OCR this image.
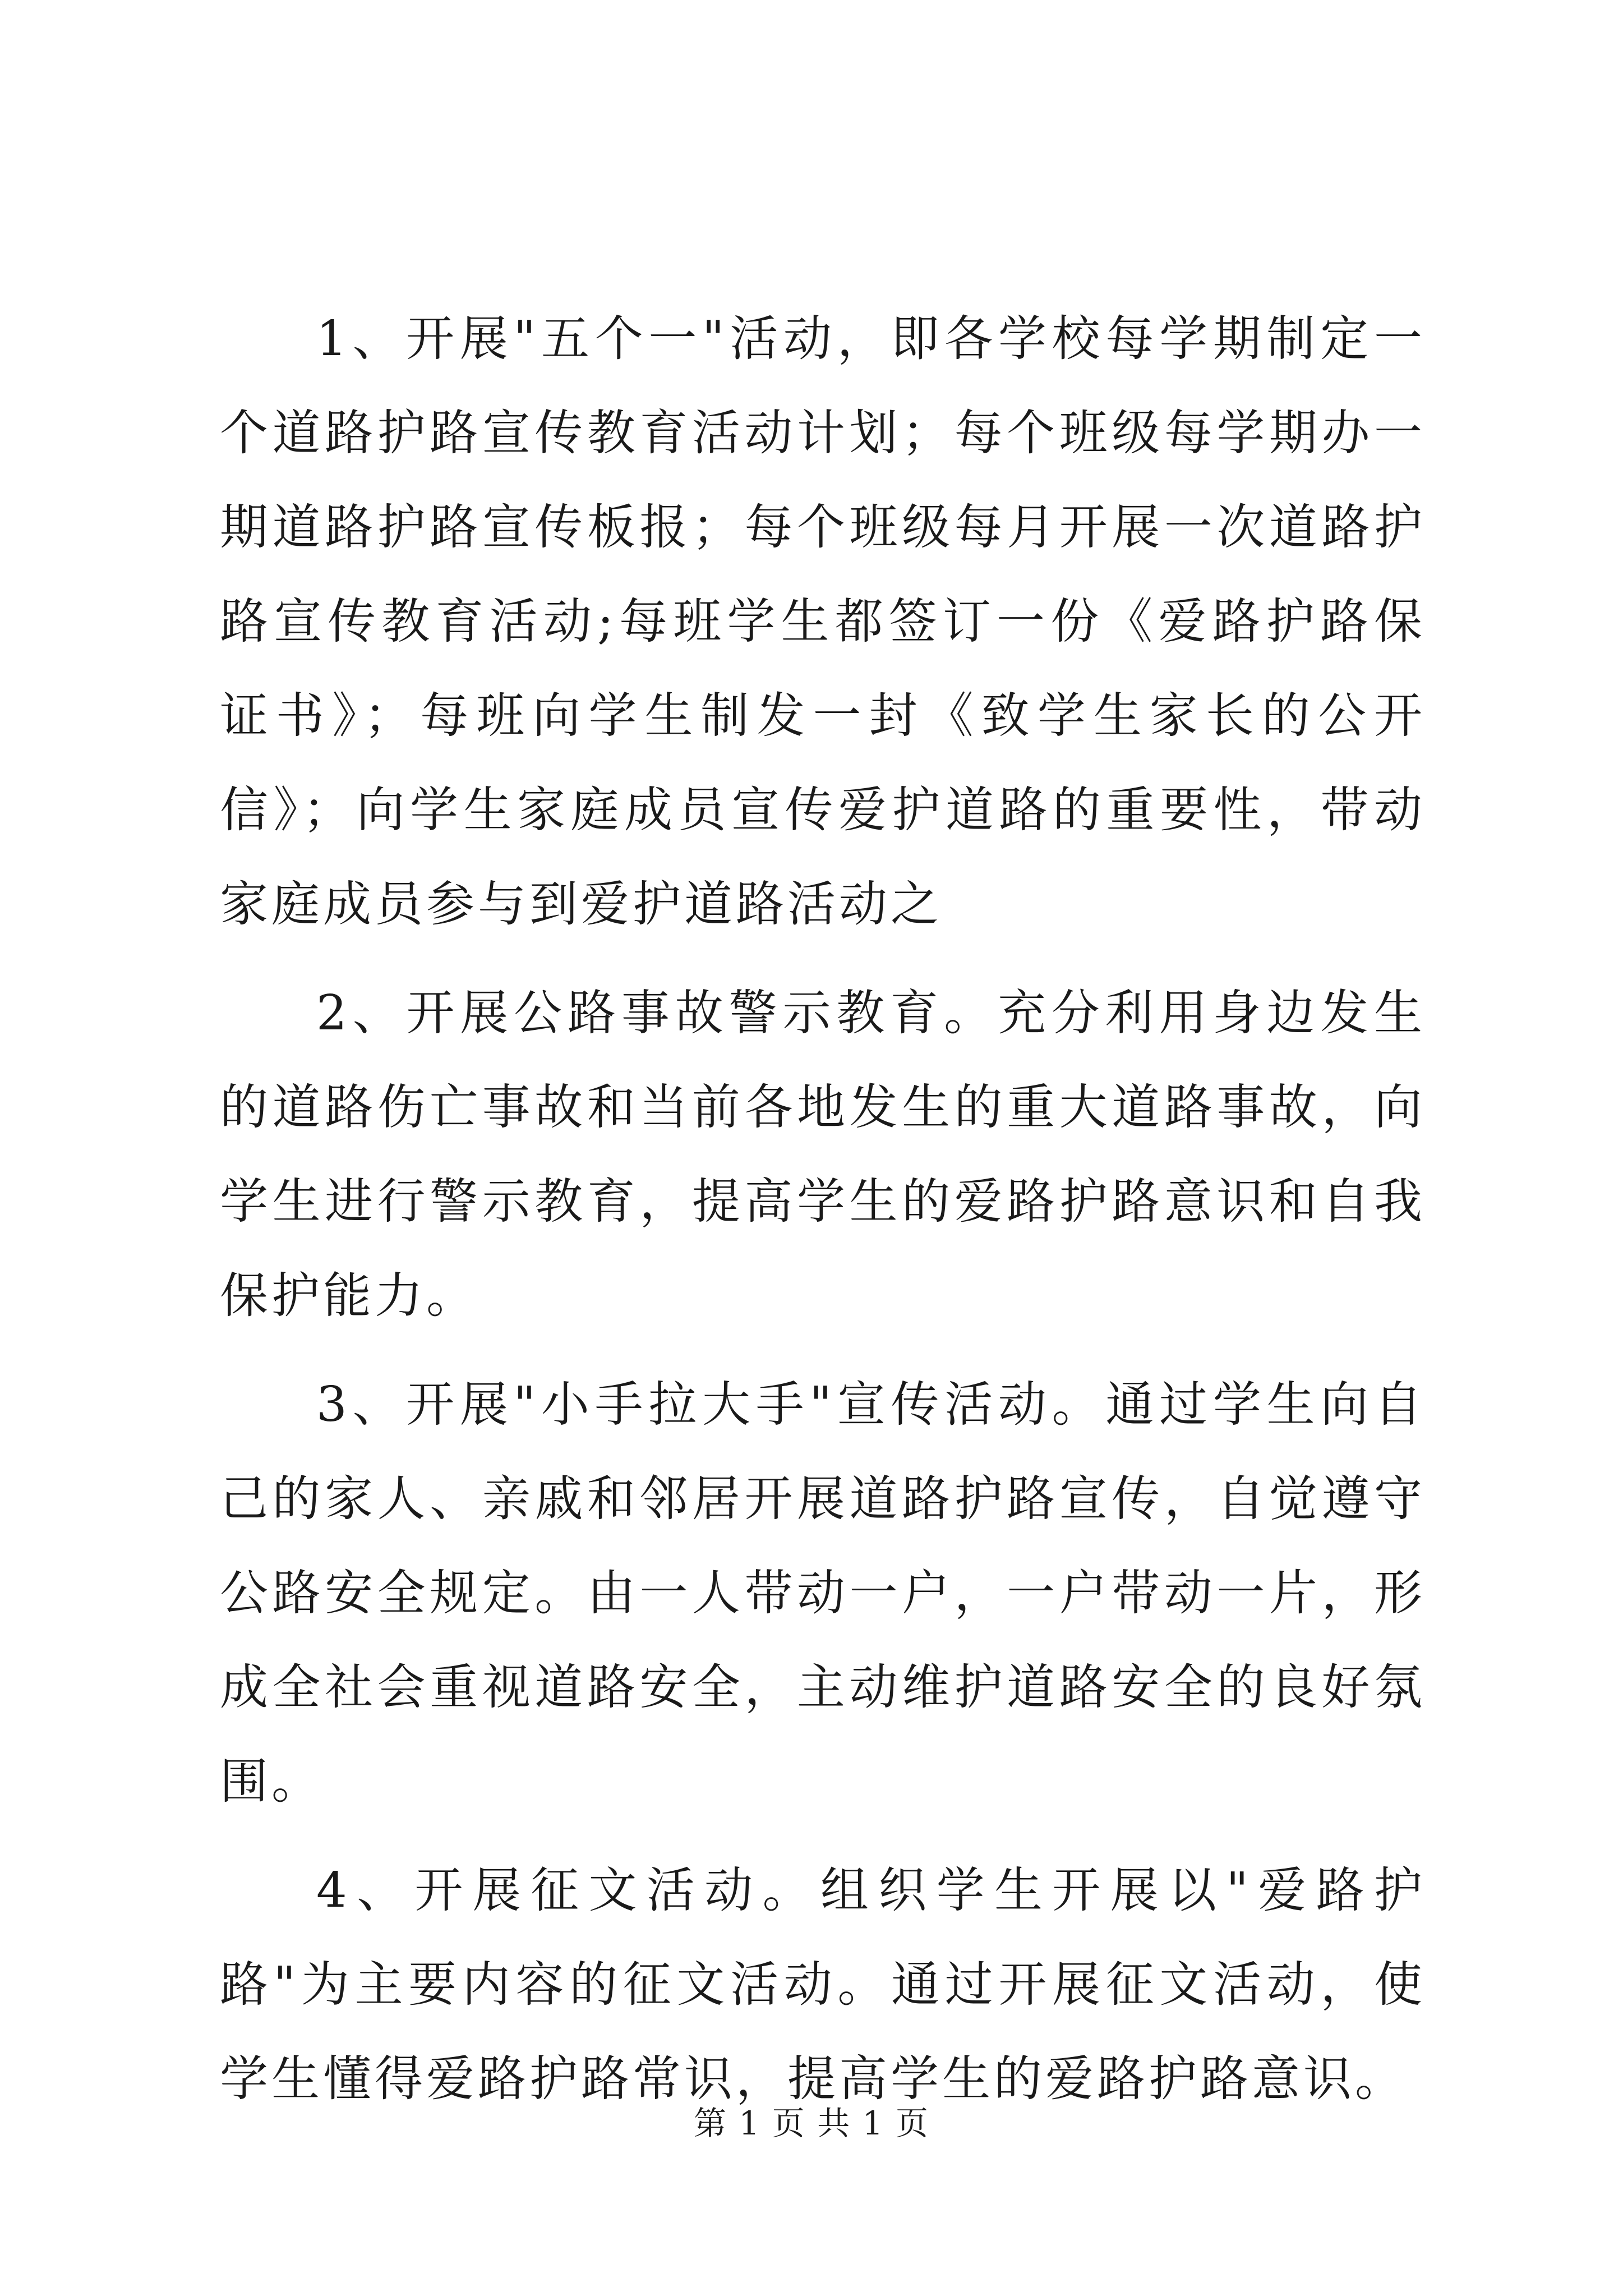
1、开展"五个一"活动，即各学校每学期制定一个道路护路宣传教育活动计划；每个班级每学期办一期道路护路宣传板报；每个班级每月开展一次道路护路宣传教育活动;每班学生都签订一份《爱路护路保证书》；每班向学生制发一封《致学生家长的公开信》；向学生家庭成员宣传爱护道路的重要性，带动家庭成员参与到爱护道路活动之

2、开展公路事故警示教育。充分利用身边发生的道路伤亡事故和当前各地发生的重大道路事故，向学生进行警示教育，提高学生的爱路护路意识和自我保护能力。

3、开展"小手拉大手"宣传活动。通过学生向自己的家人、亲戚和邻居开展道路护路宣传，自觉遵守公路安全规定。由一人带动一户，一户带动一片，形成全社会重视道路安全，主动维护道路安全的良好氛围。

4、开展征文活动。组织学生开展以"爱路护路"为主要内容的征文活动。通过开展征文活动，使学生懂得爱路护路常识，提高学生的爱路护路意识。

第 1 页 共 1 页
